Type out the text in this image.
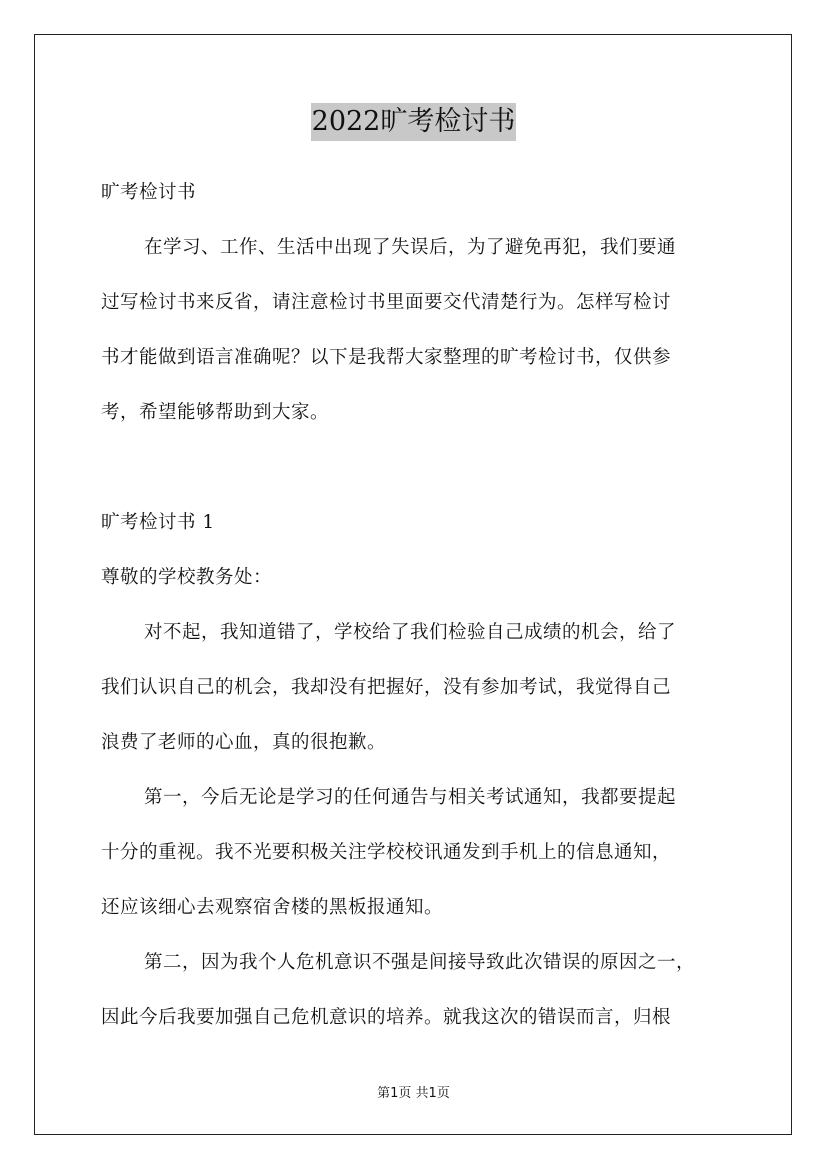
2022旷考检讨书
旷考检讨书
在学习、工作、生活中出现了失误后，为了避免再犯，我们要通
过写检讨书来反省，请注意检讨书里面要交代清楚行为。怎样写检讨
书才能做到语言准确呢？以下是我帮大家整理的旷考检讨书，仅供参
考，希望能够帮助到大家。
旷考检讨书 1
尊敬的学校教务处：
对不起，我知道错了，学校给了我们检验自己成绩的机会，给了
我们认识自己的机会，我却没有把握好，没有参加考试，我觉得自己
浪费了老师的心血，真的很抱歉。
第一，今后无论是学习的任何通告与相关考试通知，我都要提起
十分的重视。我不光要积极关注学校校讯通发到手机上的信息通知，
还应该细心去观察宿舍楼的黑板报通知。
第二，因为我个人危机意识不强是间接导致此次错误的原因之一，
因此今后我要加强自己危机意识的培养。就我这次的错误而言，归根
第1页 共1页
